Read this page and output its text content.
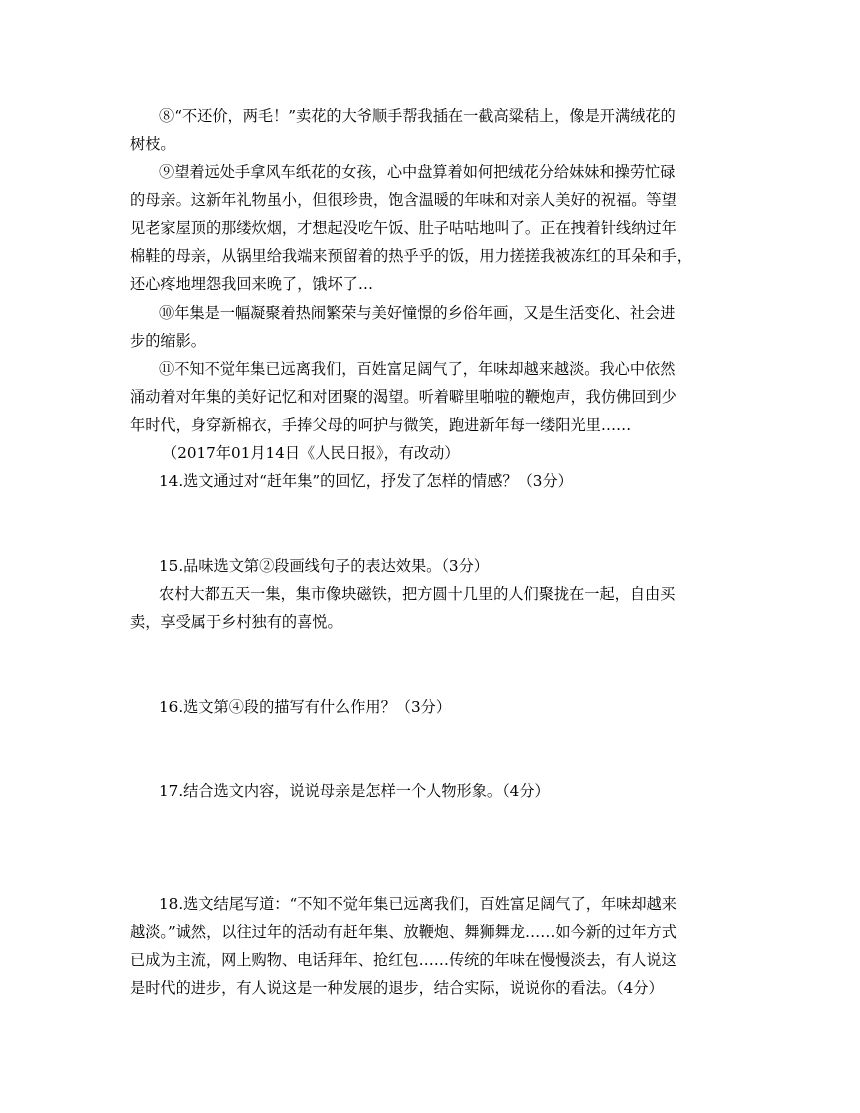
⑧“不还价，两毛！”卖花的大爷顺手帮我插在一截高粱秸上，像是开满绒花的
树枝。
⑨望着远处手拿风车纸花的女孩，心中盘算着如何把绒花分给妹妹和操劳忙碌
的母亲。这新年礼物虽小，但很珍贵，饱含温暖的年味和对亲人美好的祝福。等望
见老家屋顶的那缕炊烟，才想起没吃午饭、肚子咕咕地叫了。正在拽着针线纳过年
棉鞋的母亲，从锅里给我端来预留着的热乎乎的饭，用力搓搓我被冻红的耳朵和手，
还心疼地埋怨我回来晚了，饿坏了…
⑩年集是一幅凝聚着热闹繁荣与美好憧憬的乡俗年画，又是生活变化、社会进
步的缩影。
⑪不知不觉年集已远离我们，百姓富足阔气了，年味却越来越淡。我心中依然
涌动着对年集的美好记忆和对团聚的渴望。听着噼里啪啦的鞭炮声，我仿佛回到少
年时代，身穿新棉衣，手捧父母的呵护与微笑，跑进新年每一缕阳光里……
（2017年01月14日《人民日报》，有改动）
14.选文通过对“赶年集”的回忆，抒发了怎样的情感？（3分）
15.品味选文第②段画线句子的表达效果。（3分）
农村大都五天一集，集市像块磁铁，把方圆十几里的人们聚拢在一起，自由买
卖，享受属于乡村独有的喜悦。
16.选文第④段的描写有什么作用？（3分）
17.结合选文内容，说说母亲是怎样一个人物形象。（4分）
18.选文结尾写道：“不知不觉年集已远离我们，百姓富足阔气了，年味却越来
越淡。”诚然，以往过年的活动有赶年集、放鞭炮、舞狮舞龙……如今新的过年方式
已成为主流，网上购物、电话拜年、抢红包……传统的年味在慢慢淡去，有人说这
是时代的进步，有人说这是一种发展的退步，结合实际，说说你的看法。（4分）
